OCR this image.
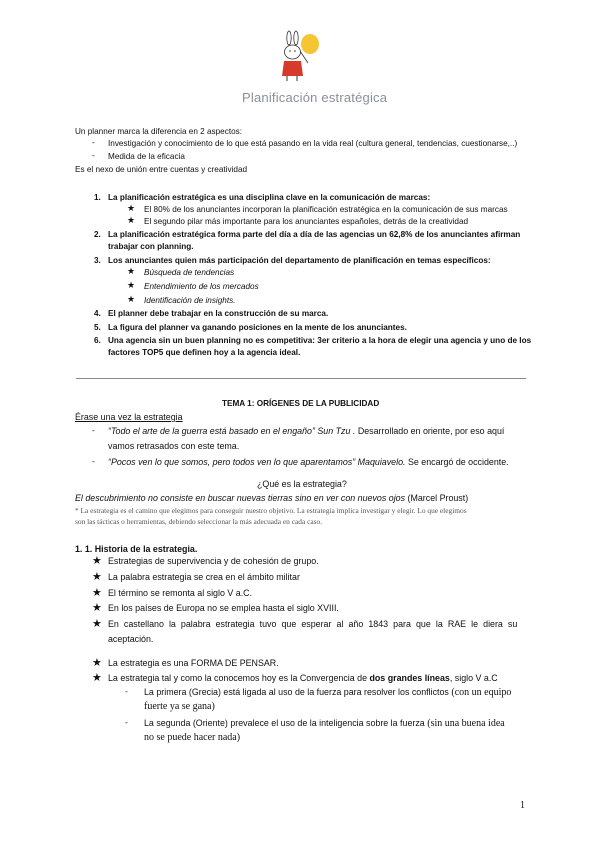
Planificación estratégica
Un planner marca la diferencia en 2 aspectos:
- Investigación y conocimiento de lo que está pasando en la vida real (cultura general, tendencias, cuestionarse,..)
- Medida de la eficacia
Es el nexo de unión entre cuentas y creatividad
1. La planificación estratégica es una disciplina clave en la comunicación de marcas:
★ El 80% de los anunciantes incorporan la planificación estratégica en la comunicación de sus marcas
★ El segundo pilar más importante para los anunciantes españoles, detrás de la creatividad
2. La planificación estratégica forma parte del día a día de las agencias un 62,8% de los anunciantes afirman
trabajar con planning.
3. Los anunciantes quien más participación del departamento de planificación en temas específicos:
★ Búsqueda de tendencias
★ Entendimiento de los mercados
★ Identificación de insights.
4. El planner debe trabajar en la construcción de su marca.
5. La figura del planner va ganando posiciones en la mente de los anunciantes.
6. Una agencia sin un buen planning no es competitiva: 3er criterio a la hora de elegir una agencia y uno de los
factores TOP5 que definen hoy a la agencia ideal.
TEMA 1: ORÍGENES DE LA PUBLICIDAD
Érase una vez la estrategia
- “Todo el arte de la guerra está basado en el engaño” Sun Tzu . Desarrollado en oriente, por eso aquí
vamos retrasados con este tema.
- “Pocos ven lo que somos, pero todos ven lo que aparentamos” Maquiavelo. Se encargó de occidente.
¿Qué es la estrategia?
El descubrimiento no consiste en buscar nuevas tierras sino en ver con nuevos ojos (Marcel Proust)
* La estrategia es el camino que elegimos para conseguir nuestro objetivo. La estrategia implica investigar y elegir. Lo que elegimos
son las tácticas o herramientas, debiendo seleccionar la más adecuada en cada caso.
1. 1. Historia de la estrategia.
★ Estrategias de supervivencia y de cohesión de grupo.
★ La palabra estrategia se crea en el ámbito militar
★ El término se remonta al siglo V a.C.
★ En los países de Europa no se emplea hasta el siglo XVIII.
★ En castellano la palabra estrategia tuvo que esperar al año 1843 para que la RAE le diera su
aceptación.
★ La estrategia es una FORMA DE PENSAR.
★ La estrategia tal y como la conocemos hoy es la Convergencia de dos grandes líneas, siglo V a.C
- La primera (Grecia) está ligada al uso de la fuerza para resolver los conflictos (con un equipo
fuerte ya se gana)
- La segunda (Oriente) prevalece el uso de la inteligencia sobre la fuerza (sin una buena idea
no se puede hacer nada)
1
